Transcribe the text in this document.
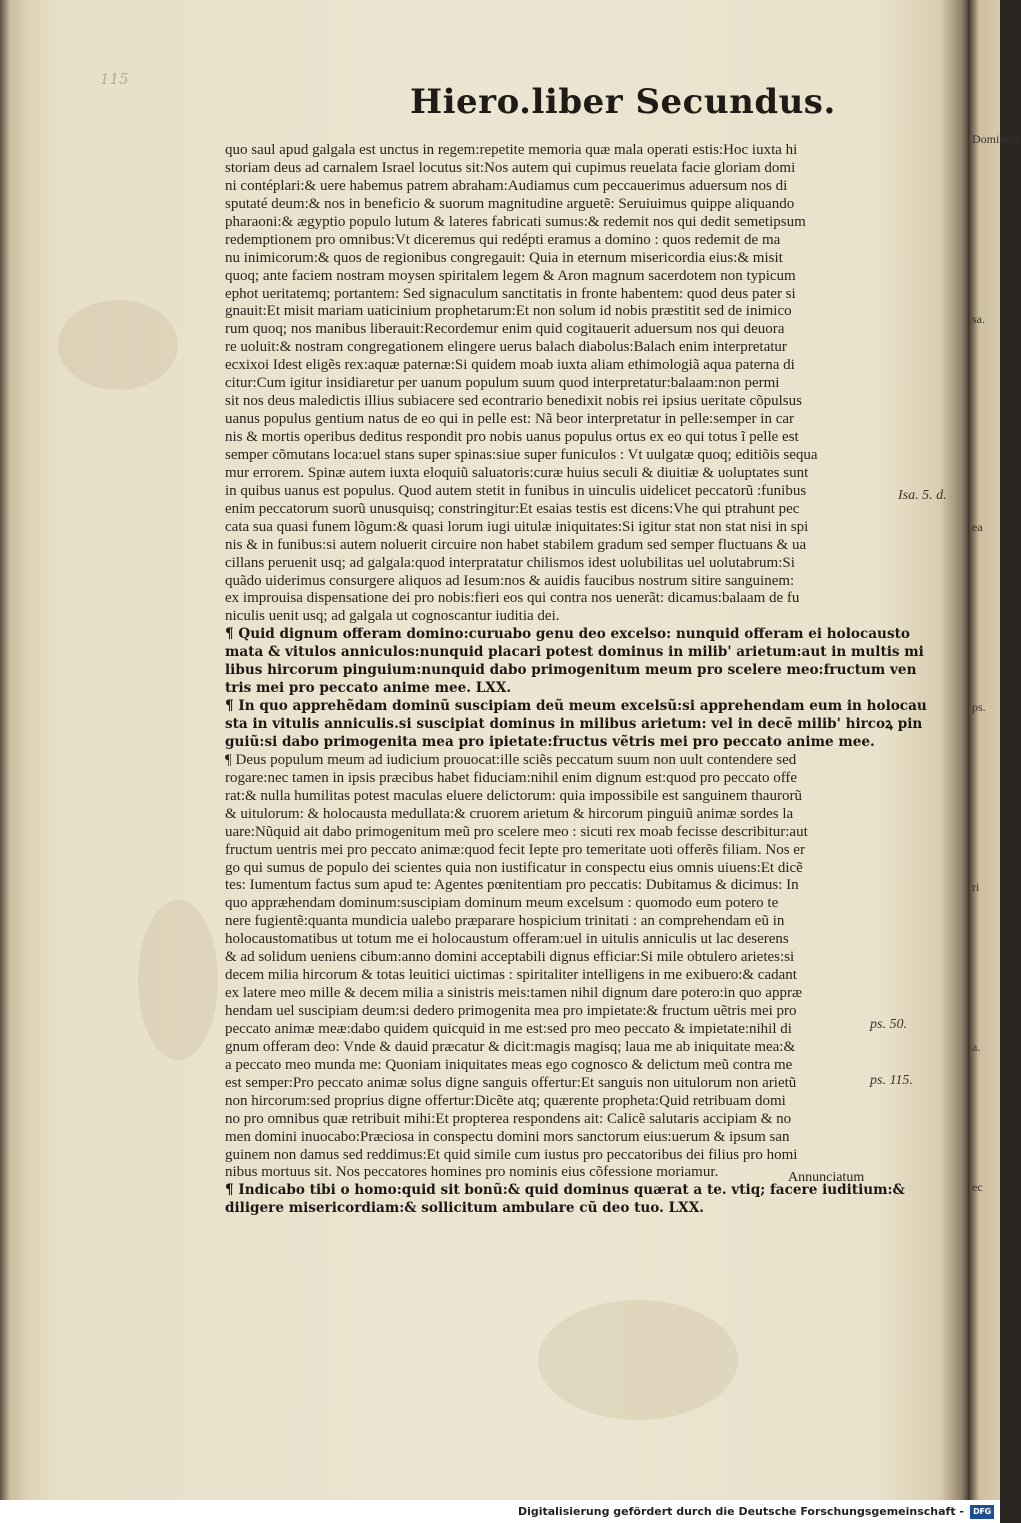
115
Hiero.liber Secundus.
quo saul apud galgala est unctus in regem:repetite memoria quæ mala operati estis:Hoc iuxta hi
storiam deus ad carnalem Israel locutus sit:Nos autem qui cupimus reuelata facie gloriam domi
ni contéplari:& uere habemus patrem abraham:Audiamus cum peccauerimus aduersum nos di
sputaté deum:& nos in beneficio & suorum magnitudine arguetẽ: Seruiuimus quippe aliquando
pharaoni:& ægyptio populo lutum & lateres fabricati sumus:& redemit nos qui dedit semetipsum
redemptionem pro omnibus:Vt diceremus qui redépti eramus a domino : quos redemit de ma
nu inimicorum:& quos de regionibus congregauit: Quia in eternum misericordia eius:& misit
quoq; ante faciem nostram moysen spiritalem legem & Aron magnum sacerdotem non typicum
ephot ueritatemq; portantem: Sed signaculum sanctitatis in fronte habentem: quod deus pater si
gnauit:Et misit mariam uaticinium prophetarum:Et non solum id nobis præstitit sed de inimico
rum quoq; nos manibus liberauit:Recordemur enim quid cogitauerit aduersum nos qui deuora
re uoluit:& nostram congregationem elingere uerus balach diabolus:Balach enim interpretatur
ecxixoi Idest eligẽs rex:aquæ paternæ:Si quidem moab iuxta aliam ethimologiã aqua paterna di
citur:Cum igitur insidiaretur per uanum populum suum quod interpretatur:balaam:non permi
sit nos deus maledictis illius subiacere sed econtrario benedixit nobis rei ipsius ueritate cõpulsus
uanus populus gentium natus de eo qui in pelle est: Nã beor interpretatur in pelle:semper in car
nis & mortis operibus deditus respondit pro nobis uanus populus ortus ex eo qui totus ĩ pelle est
semper cõmutans loca:uel stans super spinas:siue super funiculos : Vt uulgatæ quoq; editiõis sequa
mur errorem. Spinæ autem iuxta eloquiũ saluatoris:curæ huius seculi & diuitiæ & uoluptates sunt
in quibus uanus est populus. Quod autem stetit in funibus in uinculis uidelicet peccatorũ :funibus
enim peccatorum suorũ unusquisq; constringitur:Et esaias testis est dicens:Vhe qui ptrahunt pec
cata sua quasi funem lõgum:& quasi lorum iugi uitulæ iniquitates:Si igitur stat non stat nisi in spi
nis & in funibus:si autem noluerit circuire non habet stabilem gradum sed semper fluctuans & ua
cillans peruenit usq; ad galgala:quod interpratatur chilismos idest uolubilitas uel uolutabrum:Si
quãdo uiderimus consurgere aliquos ad Iesum:nos & auidis faucibus nostrum sitire sanguinem:
ex improuisa dispensatione dei pro nobis:fieri eos qui contra nos uenerãt: dicamus:balaam de fu
niculis uenit usq; ad galgala ut cognoscantur iuditia dei.
¶ Quid dignum offeram domino:curuabo genu deo excelso: nunquid offeram ei holocausto
mata & vitulos anniculos:nunquid placari potest dominus in milib' arietum:aut in multis mi
libus hircorum pinguium:nunquid dabo primogenitum meum pro scelere meo:fructum ven
tris mei pro peccato anime mee. LXX.
¶ In quo apprehẽdam dominũ suscipiam deũ meum excelsũ:si apprehendam eum in holocau
sta in vitulis anniculis.si suscipiat dominus in milibus arietum: vel in decẽ milib' hircoꝝ pin
guiũ:si dabo primogenita mea pro ipietate:fructus vẽtris mei pro peccato anime mee.
¶ Deus populum meum ad iudicium prouocat:ille sciẽs peccatum suum non uult contendere sed
rogare:nec tamen in ipsis præcibus habet fiduciam:nihil enim dignum est:quod pro peccato offe
rat:& nulla humilitas potest maculas eluere delictorum: quia impossibile est sanguinem thaurorũ
& uitulorum: & holocausta medullata:& cruorem arietum & hircorum pinguiũ animæ sordes la
uare:Nũquid ait dabo primogenitum meũ pro scelere meo : sicuti rex moab fecisse describitur:aut
fructum uentris mei pro peccato animæ:quod fecit Iepte pro temeritate uoti offerẽs filiam. Nos er
go qui sumus de populo dei scientes quia non iustificatur in conspectu eius omnis uiuens:Et dicẽ
tes: Iumentum factus sum apud te: Agentes pœnitentiam pro peccatis: Dubitamus & dicimus: In
quo appræhendam dominum:suscipiam dominum meum excelsum : quomodo eum potero te
nere fugientẽ:quanta mundicia ualebo præparare hospicium trinitati : an comprehendam eũ in
holocaustomatibus ut totum me ei holocaustum offeram:uel in uitulis anniculis ut lac deserens
& ad solidum ueniens cibum:anno domini acceptabili dignus efficiar:Si mile obtulero arietes:si
decem milia hircorum & totas leuitici uictimas : spiritaliter intelligens in me exibuero:& cadant
ex latere meo mille & decem milia a sinistris meis:tamen nihil dignum dare potero:in quo appræ
hendam uel suscipiam deum:si dedero primogenita mea pro impietate:& fructum uẽtris mei pro
peccato animæ meæ:dabo quidem quicquid in me est:sed pro meo peccato & impietate:nihil di
gnum offeram deo: Vnde & dauid præcatur & dicit:magis magisq; laua me ab iniquitate mea:&
a peccato meo munda me: Quoniam iniquitates meas ego cognosco & delictum meũ contra me
est semper:Pro peccato animæ solus digne sanguis offertur:Et sanguis non uitulorum non arietũ
non hircorum:sed proprius digne offertur:Dicẽte atq; quærente propheta:Quid retribuam domi
no pro omnibus quæ retribuit mihi:Et propterea respondens ait: Calicẽ salutaris accipiam & no
men domini inuocabo:Præciosa in conspectu domini mors sanctorum eius:uerum & ipsum san
guinem non damus sed reddimus:Et quid simile cum iustus pro peccatoribus dei filius pro homi
nibus mortuus sit. Nos peccatores homines pro nominis eius cõfessione moriamur.
¶ Indicabo tibi o homo:quid sit bonũ:& quid dominus quærat a te. vtiq; facere iuditium:&
diligere misericordiam:& sollicitum ambulare cũ deo tuo. LXX.
Isa. 5. d.
ps. 50.
ps. 115.
Annunciatum
Dominum
sa.
ea
ps.
ri
a.
ec
Digitalisierung gefördert durch die Deutsche Forschungsgemeinschaft -	DFG
